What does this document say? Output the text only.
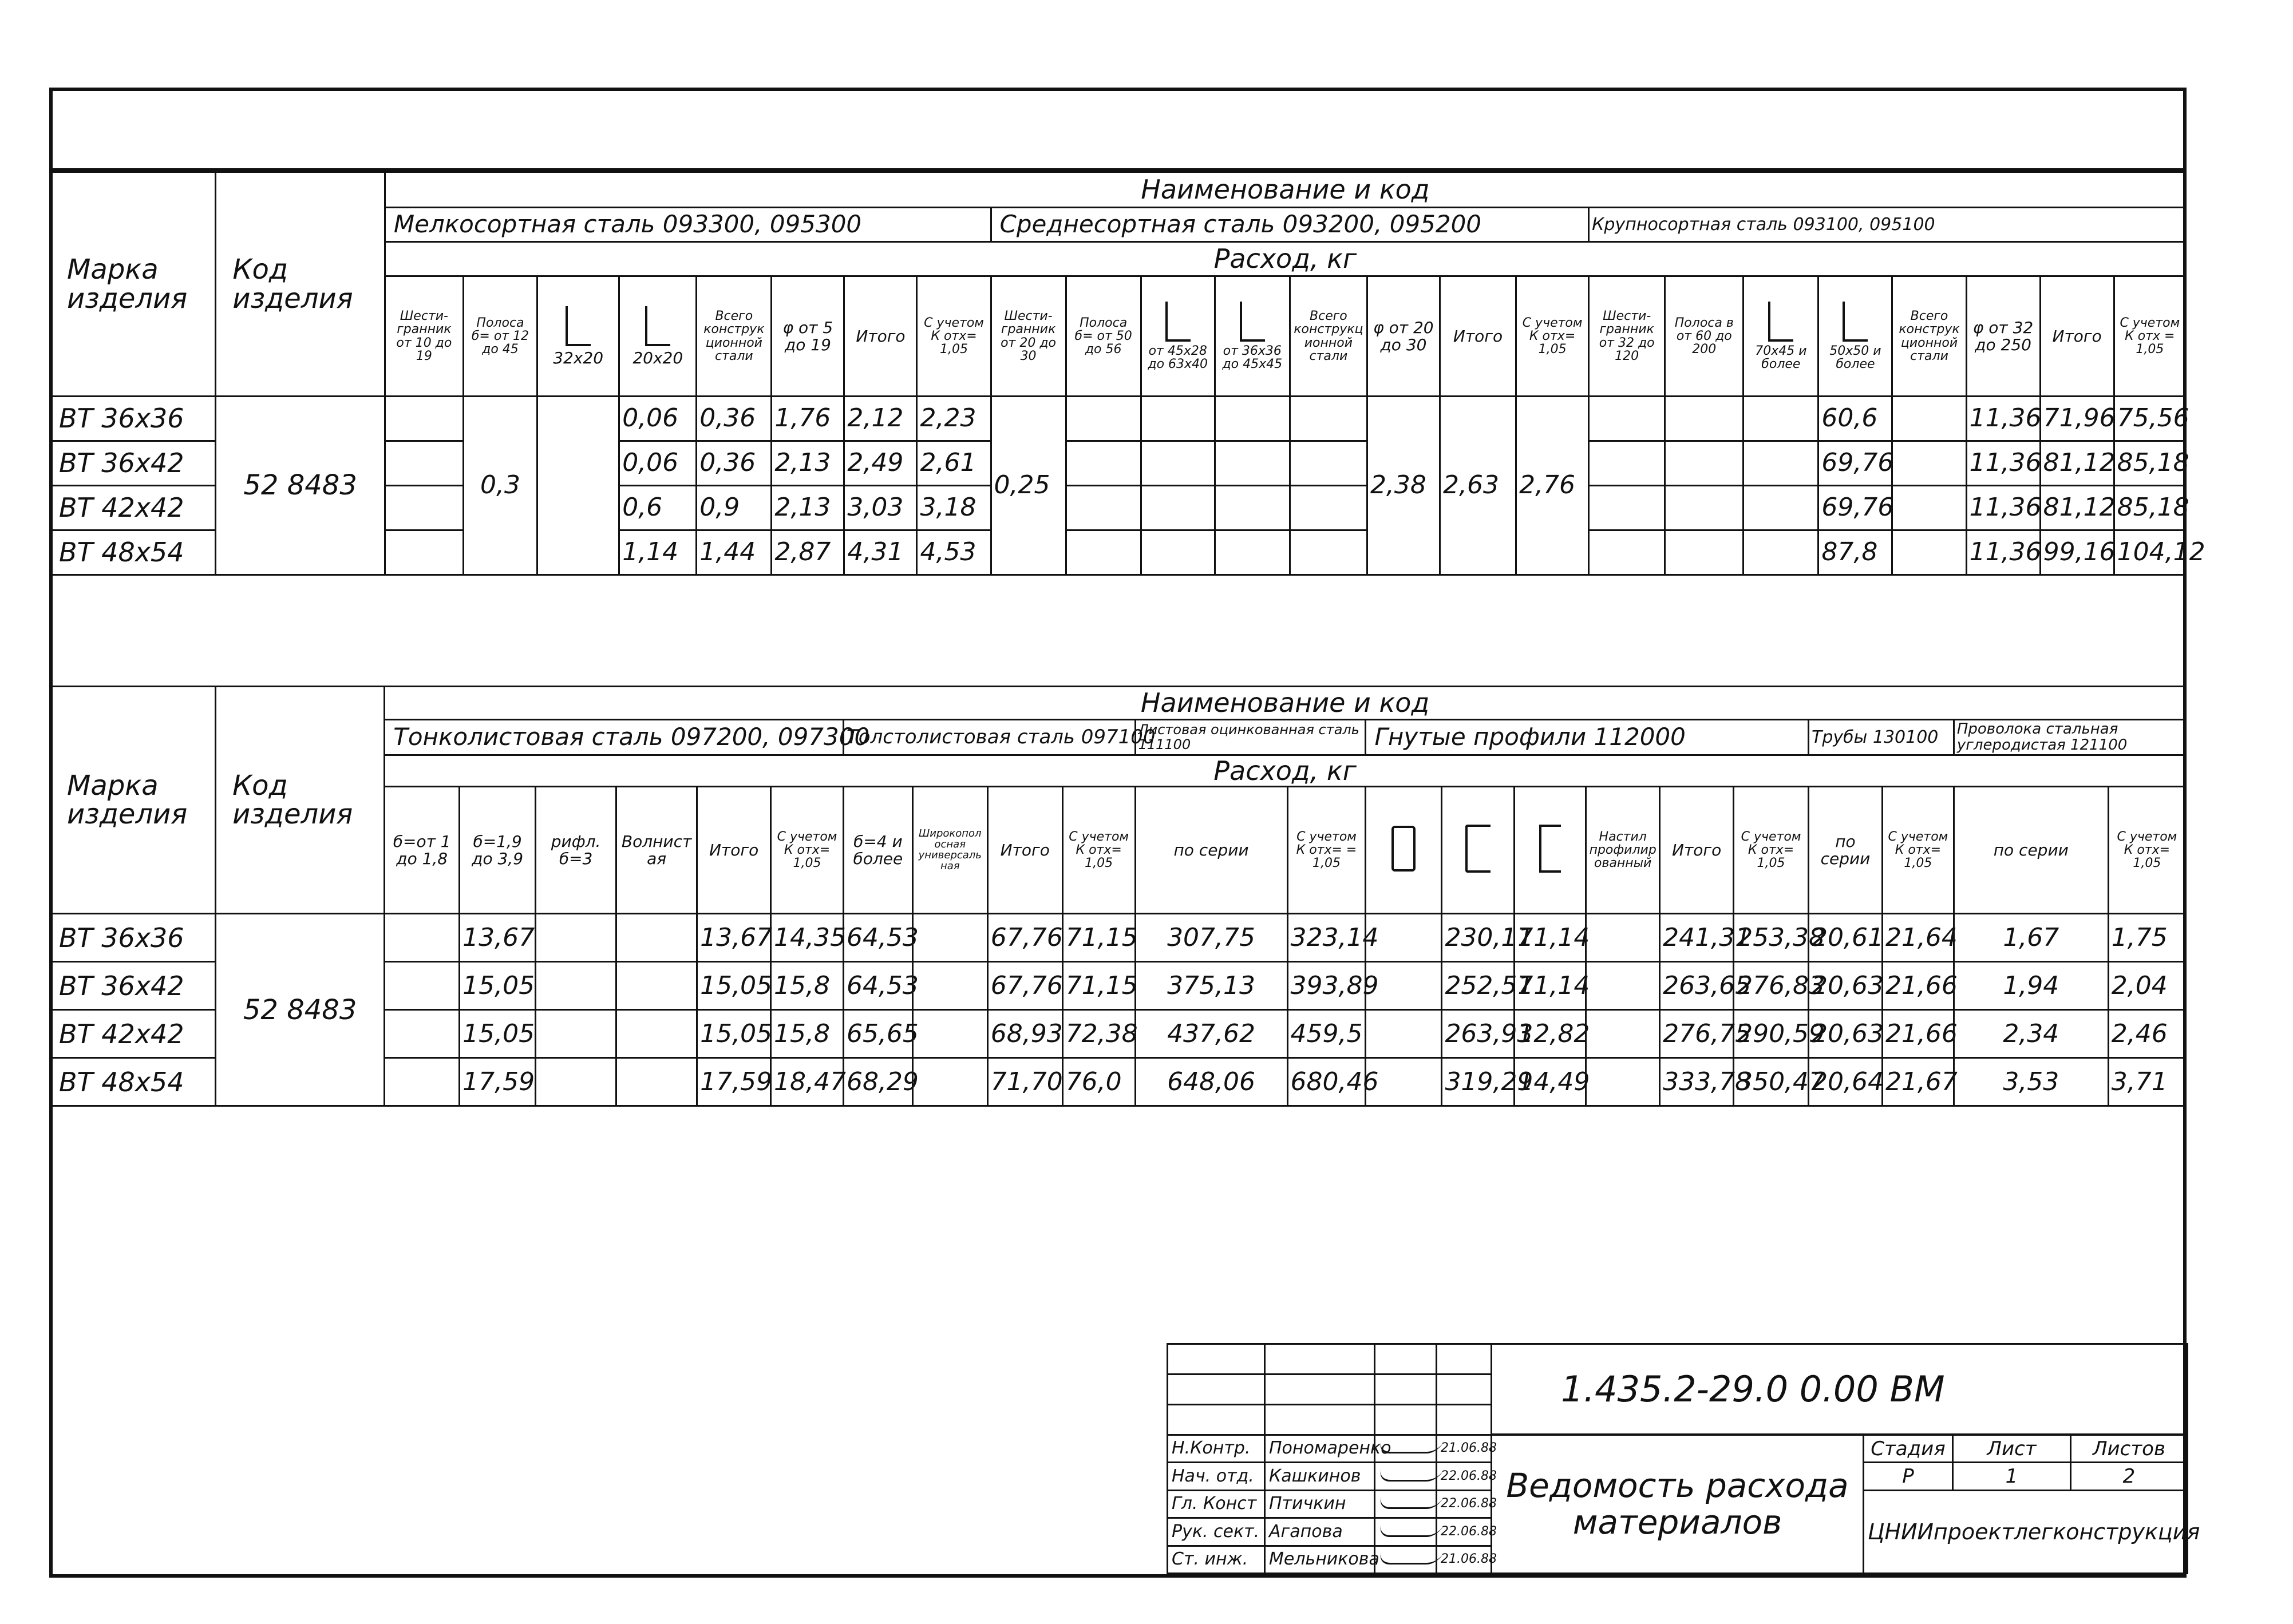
Марка изделия	Код изделия	Наименование и код																							
		Мелкосортная сталь 093300, 095300								Среднесортная сталь 093200, 095200								Крупносортная сталь 093100, 095100							
		Расход, кг																							
		Шести-гранник от 10 до 19	Полоса б= от 12 до 45	32x20	20x20	Всего конструкционной стали	φ от 5 до 19	Итого	С учетом К отх= 1,05	Шести-гранник от 20 до 30	Полоса б= от 50 до 56	от 45x28 до 63x40	от 36x36 до 45x45	Всего конструкционной стали	φ от 20 до 30	Итого	С учетом К отх= 1,05	Шести-гранник от 32 до 120	Полоса в от 60 до 200	70x45 и более	50x50 и более	Всего конструкционной стали	φ от 32 до 250	Итого	С учетом К отх = 1,05
ВТ 36x36	52 8483		0,3		0,06	0,36	1,76	2,12	2,23	0,25					2,38	2,63	2,76				60,6		11,36	71,96	75,56
ВТ 36x42					0,06	0,36	2,13	2,49	2,61												69,76		11,36	81,12	85,18
ВТ 42x42					0,6	0,9	2,13	3,03	3,18												69,76		11,36	81,12	85,18
ВТ 48x54					1,14	1,44	2,87	4,31	4,53												87,8		11,36	99,16	104,12
Марка изделия	Код изделия	Наименование и код																					
		Тонколистовая сталь 097200, 097300						Толстолистовая сталь 097100				Листовая оцинкованная сталь 111100		Гнутые профили 112000						Трубы 130100		Проволока стальная углеродистая 121100	
		Расход, кг																					
		б=от 1 до 1,8	б=1,9 до 3,9	рифл. б=3	Волнистая	Итого	С учетом К отх= 1,05	б=4 и более	Широкополосная универсальная	Итого	С учетом К отх= 1,05	по серии	С учетом К отх= = 1,05				Настил профилированный	Итого	С учетом К отх= 1,05	по серии	С учетом К отх= 1,05	по серии	С учетом К отх= 1,05
ВТ 36x36	52 8483		13,67			13,67	14,35	64,53		67,76	71,15	307,75	323,14		230,17	11,14		241,31	253,38	20,61	21,64	1,67	1,75
ВТ 36x42			15,05			15,05	15,8	64,53		67,76	71,15	375,13	393,89		252,57	11,14		263,65	276,83	20,63	21,66	1,94	2,04
ВТ 42x42			15,05			15,05	15,8	65,65		68,93	72,38	437,62	459,5		263,93	12,82		276,75	290,59	20,63	21,66	2,34	2,46
ВТ 48x54			17,59			17,59	18,47	68,29		71,70	76,0	648,06	680,46		319,29	14,49		333,78	350,47	20,64	21,67	3,53	3,71
				1.435.2-29.0 0.00 ВМ			

Н.Контр.	Пономаренко		21.06.88	Ведомость расхода материалов	Стадия	Лист	Листов
Нач. отд.	Кашкинов		22.06.88		Р	1	2
Гл. Конст	Птичкин		22.06.88		ЦНИИпроектлегконструкция		
Рук. сект.	Агапова		22.06.88				
Ст. инж.	Мельникова		21.06.88				
